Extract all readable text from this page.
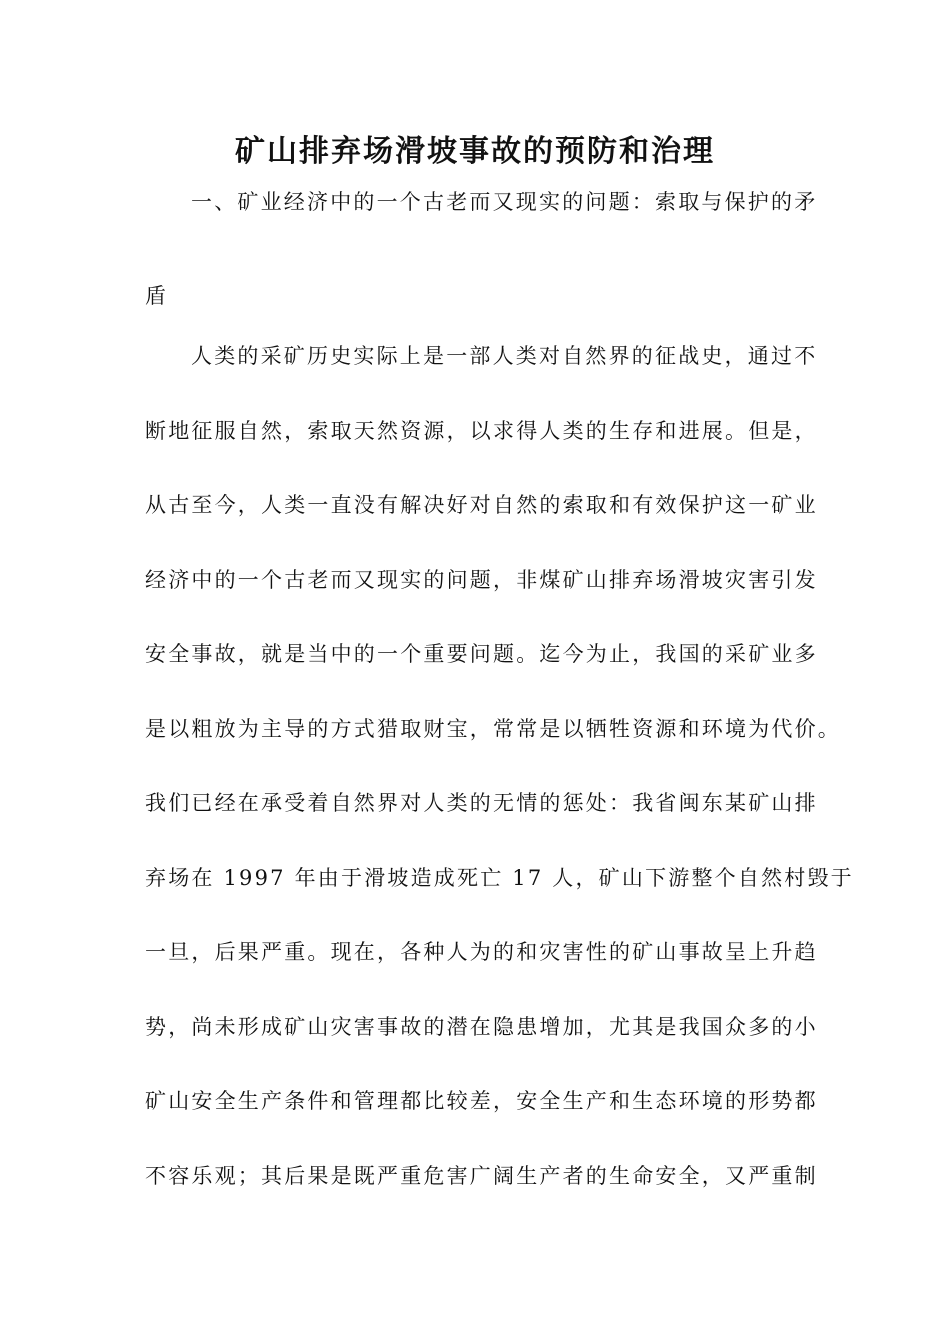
矿山排弃场滑坡事故的预防和治理

一、矿业经济中的一个古老而又现实的问题：索取与保护的矛

盾

人类的采矿历史实际上是一部人类对自然界的征战史，通过不

断地征服自然，索取天然资源，以求得人类的生存和进展。但是，

从古至今，人类一直没有解决好对自然的索取和有效保护这一矿业

经济中的一个古老而又现实的问题，非煤矿山排弃场滑坡灾害引发

安全事故，就是当中的一个重要问题。迄今为止，我国的采矿业多

是以粗放为主导的方式猎取财宝，常常是以牺牲资源和环境为代价。

我们已经在承受着自然界对人类的无情的惩处：我省闽东某矿山排

弃场在 1997 年由于滑坡造成死亡 17 人，矿山下游整个自然村毁于

一旦，后果严重。现在，各种人为的和灾害性的矿山事故呈上升趋

势，尚未形成矿山灾害事故的潜在隐患增加，尤其是我国众多的小

矿山安全生产条件和管理都比较差，安全生产和生态环境的形势都

不容乐观；其后果是既严重危害广阔生产者的生命安全，又严重制
